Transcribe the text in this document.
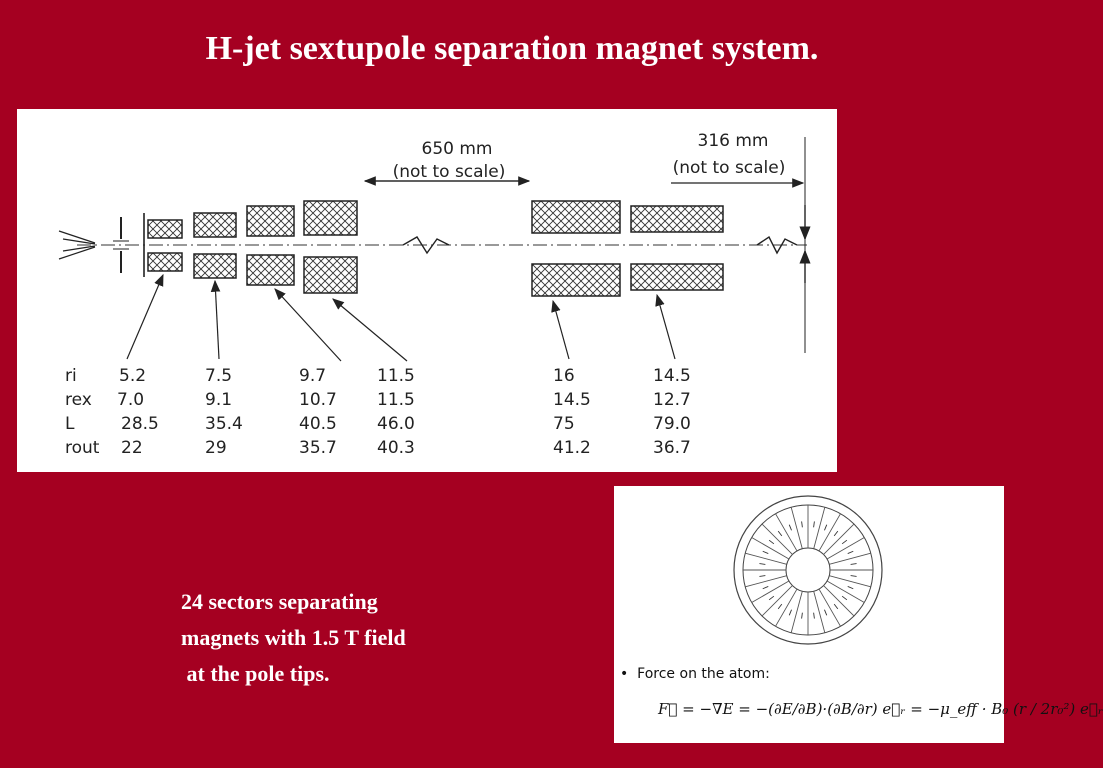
H-jet sextupole separation magnet system.
650 mm
(not to scale)
316 mm
(not to scale)
ri
rex
L
rout
5.2
7.0
28.5
22
7.5
9.1
35.4
29
9.7
10.7
40.5
35.7
11.5
11.5
46.0
40.3
16
14.5
75
41.2
14.5
12.7
79.0
36.7
24 sectors separating
magnets with 1.5 T field
at the pole tips.	•  Force on the atom:
F⃗ = −∇E = −(∂E/∂B)·(∂B/∂r) e⃗ᵣ = −μ_eff · B₀ (r / 2r₀²) e⃗ᵣ
